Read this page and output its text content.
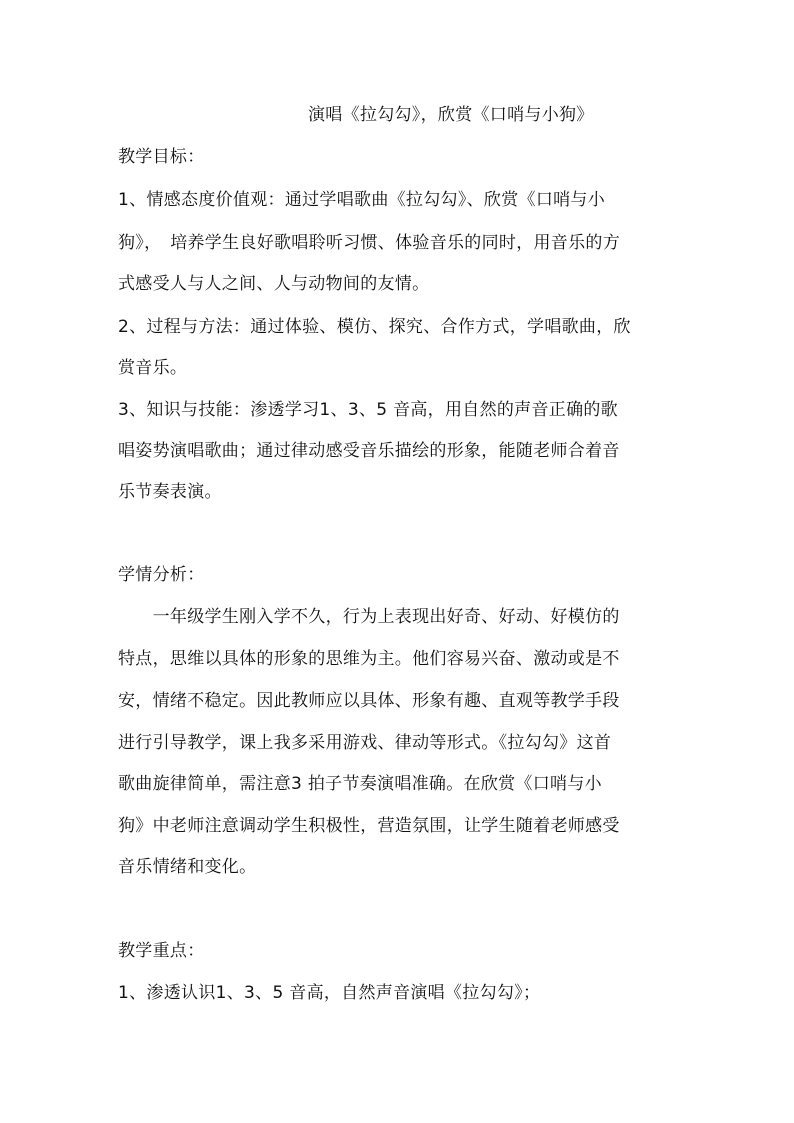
演唱《拉勾勾》，欣赏《口哨与小狗》
教学目标：
1、情感态度价值观：通过学唱歌曲《拉勾勾》、欣赏《口哨与小
狗》，　培养学生良好歌唱聆听习惯、体验音乐的同时，用音乐的方
式感受人与人之间、人与动物间的友情。
2、过程与方法：通过体验、模仿、探究、合作方式，学唱歌曲，欣
赏音乐。
3、知识与技能：渗透学习1、3、5 音高，用自然的声音正确的歌
唱姿势演唱歌曲；通过律动感受音乐描绘的形象，能随老师合着音
乐节奏表演。
学情分析：
　　一年级学生刚入学不久，行为上表现出好奇、好动、好模仿的
特点，思维以具体的形象的思维为主。他们容易兴奋、激动或是不
安，情绪不稳定。因此教师应以具体、形象有趣、直观等教学手段
进行引导教学，课上我多采用游戏、律动等形式。《拉勾勾》这首
歌曲旋律简单，需注意3 拍子节奏演唱准确。在欣赏《口哨与小
狗》中老师注意调动学生积极性，营造氛围，让学生随着老师感受
音乐情绪和变化。
教学重点：
1、渗透认识1、3、5 音高，自然声音演唱《拉勾勾》；
